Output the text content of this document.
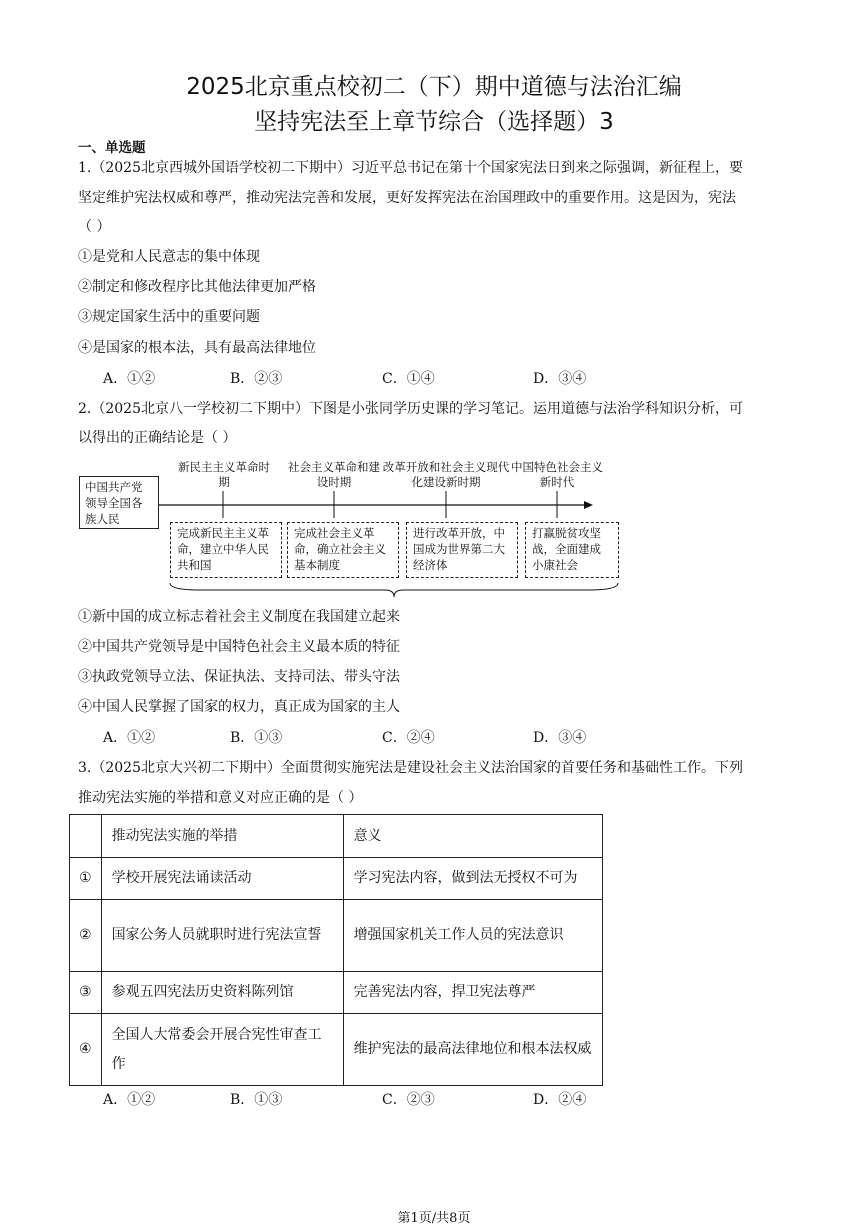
2025北京重点校初二（下）期中道德与法治汇编
坚持宪法至上章节综合（选择题）3
一、单选题
1.（2025北京西城外国语学校初二下期中）习近平总书记在第十个国家宪法日到来之际强调，新征程上，要
坚定维护宪法权威和尊严，推动宪法完善和发展，更好发挥宪法在治国理政中的重要作用。这是因为，宪法
（ ）
①是党和人民意志的集中体现
②制定和修改程序比其他法律更加严格
③规定国家生活中的重要问题
④是国家的根本法，具有最高法律地位
A．①②	B．②③	C．①④	D．③④
2.（2025北京八一学校初二下期中）下图是小张同学历史课的学习笔记。运用道德与法治学科知识分析，可
以得出的正确结论是（ ）
中国共产党领导全国各族人民
新民主主义革命时期
社会主义革命和建设时期
改革开放和社会主义现代化建设新时期
中国特色社会主义新时代
完成新民主主义革命，建立中华人民共和国
完成社会主义革命，确立社会主义基本制度
进行改革开放，中国成为世界第二大经济体
打赢脱贫攻坚战，全面建成小康社会
①新中国的成立标志着社会主义制度在我国建立起来
②中国共产党领导是中国特色社会主义最本质的特征
③执政党领导立法、保证执法、支持司法、带头守法
④中国人民掌握了国家的权力，真正成为国家的主人
A．①②	B．①③	C．②④	D．③④
3.（2025北京大兴初二下期中）全面贯彻实施宪法是建设社会主义法治国家的首要任务和基础性工作。下列
推动宪法实施的举措和意义对应正确的是（ ）
	推动宪法实施的举措	意义
①	学校开展宪法诵读活动	学习宪法内容，做到法无授权不可为
②	国家公务人员就职时进行宪法宣誓	增强国家机关工作人员的宪法意识
③	参观五四宪法历史资料陈列馆	完善宪法内容，捍卫宪法尊严
④	全国人大常委会开展合宪性审查工作	维护宪法的最高法律地位和根本法权威
A．①②	B．①③	C．②③	D．②④
第1页/共8页
